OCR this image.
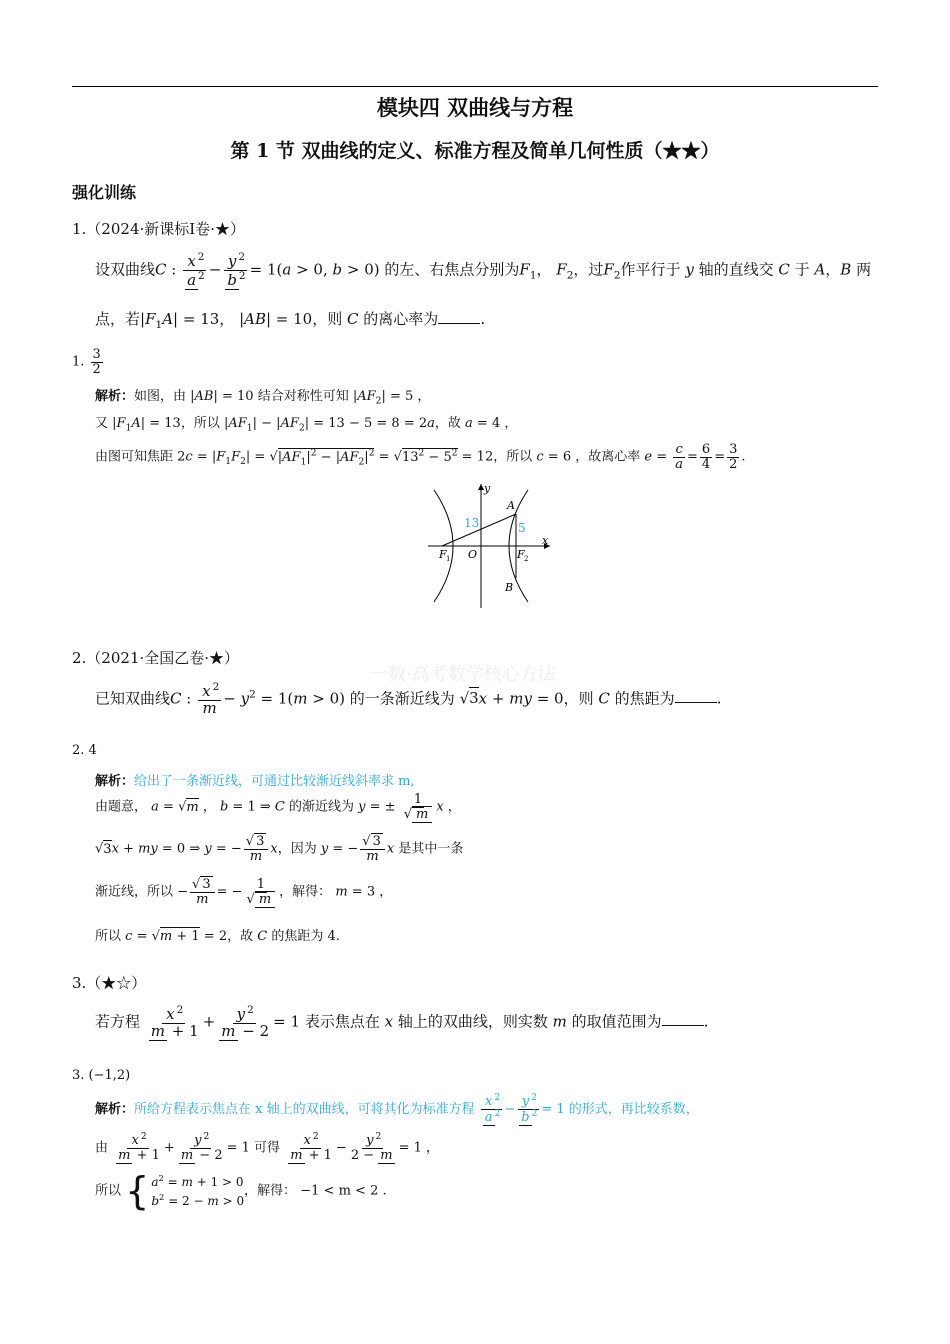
模块四 双曲线与方程
第 1 节 双曲线的定义、标准方程及简单几何性质（★★）
强化训练
一数·高考数学核心方法
1.（2024·新课标Ⅰ卷·★）
设双曲线C : $\frac{x ^2}{a ^2} - \frac{y ^2}{b ^2} = 1(a > 0$, b > 0) 的左、右焦点分别为$F_1$， $F_2$，过$F_2$作平行于 y 轴的直线交 C 于 A，B 两
点，若$|F_1A| = 13$， |AB| = 10，则 C 的离心率为	.
1. $\frac{3}{2}$
解析：如图，由 |AB| = 10 结合对称性可知 $|AF_2| = 5$ ，
又 $|F_1A| = 13$，所以 $|AF_1| - |AF_2| = 13 - 5 = 8 = 2a$，故 a = 4 ，
由图可知焦距 $2c = |F_1F_2| = √|AF_1|^2 - |AF_2|^2 = √13^2 - 5^2 = 12$，所以 c = 6 ，故离心率 $e = \frac{c}{a} = \frac{6}{4} = \frac{3}{2}$ .
y
x
A
B
O
F 1	F 2
13	5
2.（2021·全国乙卷·★）
已知双曲线C : $\frac{x ^2}{m} - y^2 = 1(m > 0)$ 的一条渐近线为 √3x + my = 0，则 C 的焦距为	.
2. 4
解析：给出了一条渐近线，可通过比较渐近线斜率求 m,
由题意， a = √m ， b = 1 ⇒ C 的渐近线为 y = ± $\frac{1}{√ m}$ x ，
√3x + my = 0 ⇒ y = − $\frac{√ 3}{m}$ x，因为 y = − $\frac{√ 3}{m}$ x 是其中一条
渐近线，所以 − $\frac{√ 3}{m}$ = − $\frac{1}{√ m}$ ，解得： m = 3 ，
所以 c = √m + 1 = 2，故 C 的焦距为 4.
3.（★☆）
若方程 $\frac{x ^2}{m + 1} + \frac{y ^2}{m - 2} = 1$ 表示焦点在 x 轴上的双曲线，则实数 m 的取值范围为	.
3. (−1,2)
解析：所给方程表示焦点在 x 轴上的双曲线，可将其化为标准方程 $\frac{x ^2}{a ^2} - \frac{y ^2}{b ^2} = 1$ 的形式，再比较系数，
由 $\frac{x ^2}{m + 1} + \frac{y ^2}{m - 2} = 1$ 可得 $\frac{x ^2}{m + 1} - \frac{y ^2}{2 - m} = 1$ ，
所以 { $a^2 = m + 1 > 0$
$b^2 = 2 - m > 0$
，解得： −1 < m < 2 .
